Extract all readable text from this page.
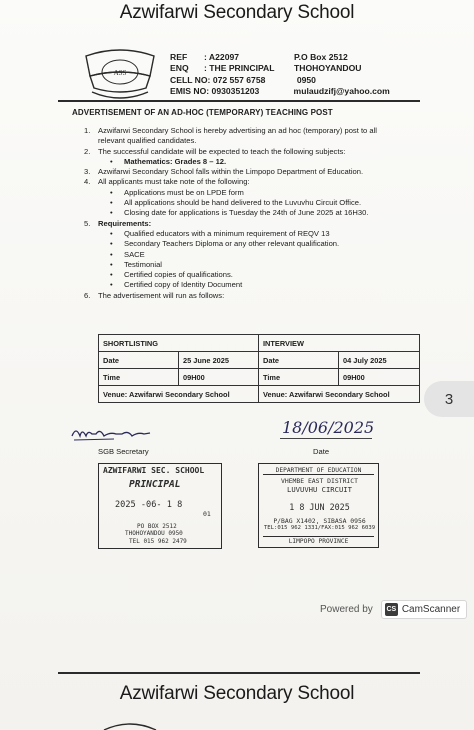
Azwifarwi Secondary School
ASS
REF	: A22097	P.O Box 2512
ENQ	: THE PRINCIPAL	THOHOYANDOU
CELL NO:
072 557 6758	0950
EMIS NO:
0930351203	mulaudzifj@yahoo.com
ADVERTISEMENT OF AN AD-HOC (TEMPORARY) TEACHING POST
1.	Azwifarwi Secondary School is hereby advertising an ad hoc (temporary) post to all
relevant qualified candidates.
2.	The successful candidate will be expected to teach the following subjects:
•	Mathematics: Grades 8 – 12.
3.	Azwifarwi Secondary School falls within the Limpopo Department of Education.
4.	All applicants must take note of the following:
•	Applications must be on LPDE form
•	All applications should be hand delivered to the Luvuvhu Circuit Office.
•	Closing date for applications is Tuesday the 24th of June 2025 at 16H30.
5.	Requirements:
•	Qualified educators with a minimum requirement of REQV 13
•	Secondary Teachers Diploma or any other relevant qualification.
•	SACE
•	Testimonial
•	Certified copies of qualifications.
•	Certified copy of Identity Document
6.	The advertisement will run as follows:
SHORTLISTING		INTERVIEW	
Date	25 June 2025	Date	04 July 2025
Time	09H00	Time	09H00
Venue: Azwifarwi Secondary School		Venue: Azwifarwi Secondary School		3
18/06/2025
SGB Secretary	Date
AZWIFARWI SEC. SCHOOL
PRINCIPAL
2025 -06- 1 8
01
PO BOX 2512
THOHOYANDOU 0950
TEL 015 962 2479
DEPARTMENT OF EDUCATION
VHEMBE EAST DISTRICT
LUVUVHU CIRCUIT
1 8 JUN 2025
P/BAG X1402, SIBASA 0956
TEL:015 962 1331/FAX:015 962 6039
LIMPOPO PROVINCE
Powered by CS CamScanner
Azwifarwi Secondary School
